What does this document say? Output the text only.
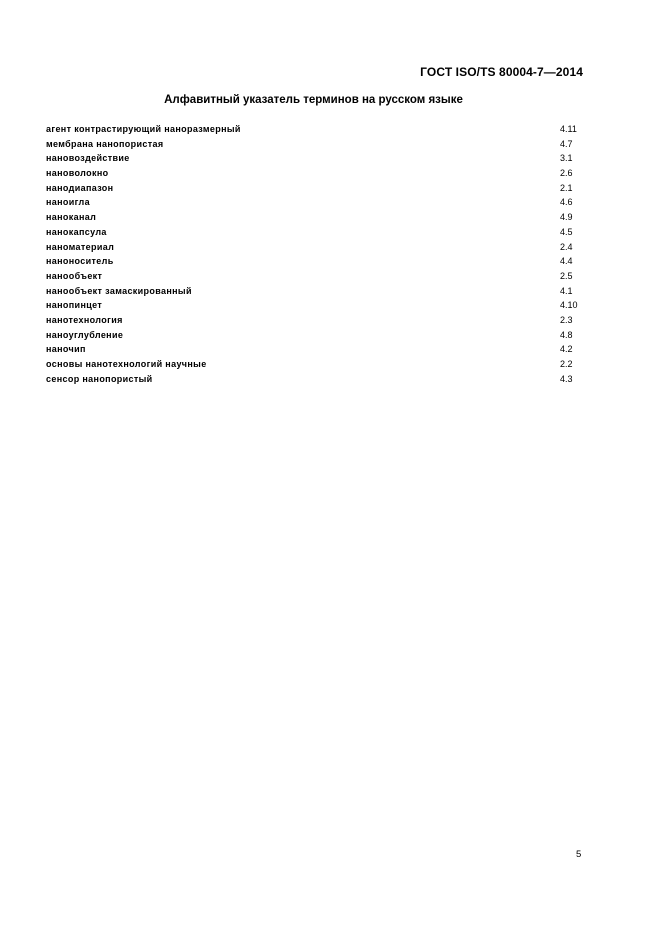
ГОСТ ISO/TS 80004-7—2014
Алфавитный указатель терминов на русском языке
агент контрастирующий наноразмерный	4.11
мембрана нанопористая	4.7
нановоздействие	3.1
нановолокно	2.6
нанодиапазон	2.1
наноигла	4.6
наноканал	4.9
нанокапсула	4.5
наноматериал	2.4
наноноситель	4.4
нанообъект	2.5
нанообъект замаскированный	4.1
нанопинцет	4.10
нанотехнология	2.3
наноуглубление	4.8
наночип	4.2
основы нанотехнологий научные	2.2
сенсор нанопористый	4.3
5
